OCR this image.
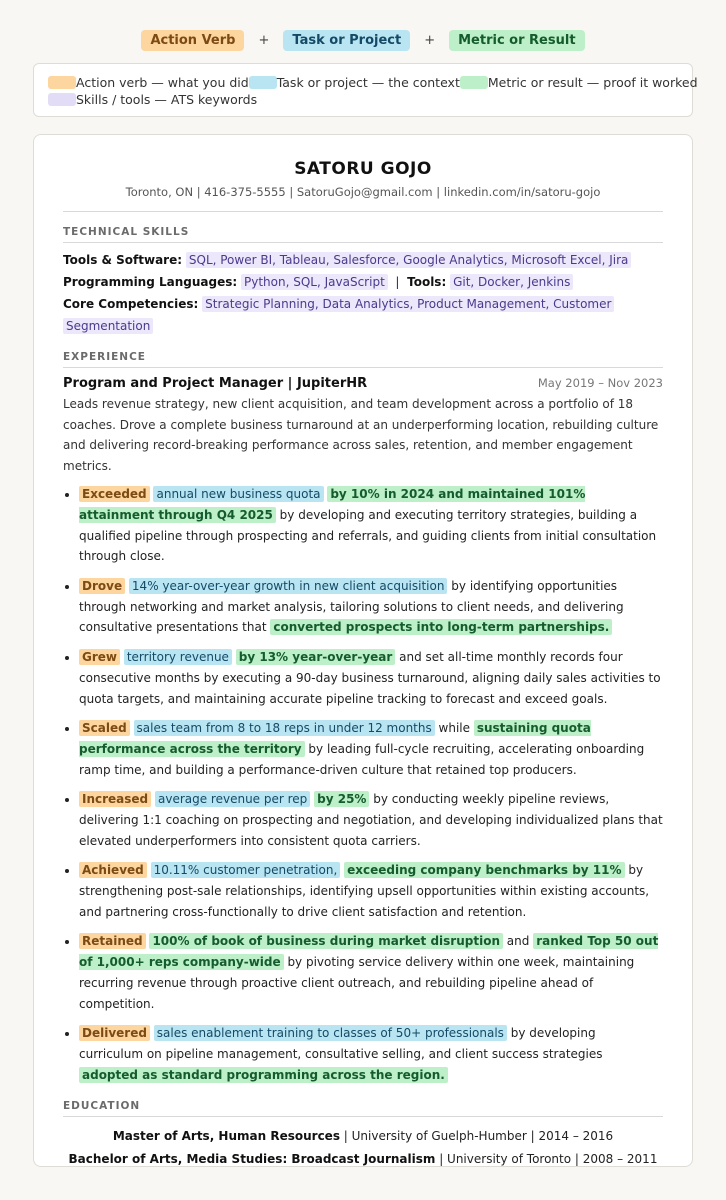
Action Verb	+	Task or Project	+	Metric or Result
Action verb — what you did Task or project — the context Metric or result — proof it worked
Skills / tools — ATS keywords
SATORU GOJO
Toronto, ON | 416-375-5555 | SatoruGojo@gmail.com | linkedin.com/in/satoru-gojo
TECHNICAL SKILLS
Tools & Software: SQL, Power BI, Tableau, Salesforce, Google Analytics, Microsoft Excel, Jira
Programming Languages: Python, SQL, JavaScript | Tools: Git, Docker, Jenkins
Core Competencies: Strategic Planning, Data Analytics, Product Management, Customer
Segmentation
EXPERIENCE
Program and Project Manager | JupiterHR	May 2019 – Nov 2023
Leads revenue strategy, new client acquisition, and team development across a portfolio of 18 coaches. Drove a complete business turnaround at an underperforming location, rebuilding culture and delivering record-breaking performance across sales, retention, and member engagement metrics.
• Exceeded annual new business quota by 10% in 2024 and maintained 101% attainment through Q4 2025 by developing and executing territory strategies, building a qualified pipeline through prospecting and referrals, and guiding clients from initial consultation through close.
• Drove 14% year-over-year growth in new client acquisition by identifying opportunities through networking and market analysis, tailoring solutions to client needs, and delivering consultative presentations that converted prospects into long-term partnerships.
• Grew territory revenue by 13% year-over-year and set all-time monthly records four consecutive months by executing a 90-day business turnaround, aligning daily sales activities to quota targets, and maintaining accurate pipeline tracking to forecast and exceed goals.
• Scaled sales team from 8 to 18 reps in under 12 months while sustaining quota performance across the territory by leading full-cycle recruiting, accelerating onboarding ramp time, and building a performance-driven culture that retained top producers.
• Increased average revenue per rep by 25% by conducting weekly pipeline reviews, delivering 1:1 coaching on prospecting and negotiation, and developing individualized plans that elevated underperformers into consistent quota carriers.
• Achieved 10.11% customer penetration, exceeding company benchmarks by 11% by strengthening post-sale relationships, identifying upsell opportunities within existing accounts, and partnering cross-functionally to drive client satisfaction and retention.
• Retained 100% of book of business during market disruption and ranked Top 50 out of 1,000+ reps company-wide by pivoting service delivery within one week, maintaining recurring revenue through proactive client outreach, and rebuilding pipeline ahead of competition.
• Delivered sales enablement training to classes of 50+ professionals by developing curriculum on pipeline management, consultative selling, and client success strategies adopted as standard programming across the region.
EDUCATION
Master of Arts, Human Resources | University of Guelph-Humber | 2014 – 2016
Bachelor of Arts, Media Studies: Broadcast Journalism | University of Toronto | 2008 – 2011
